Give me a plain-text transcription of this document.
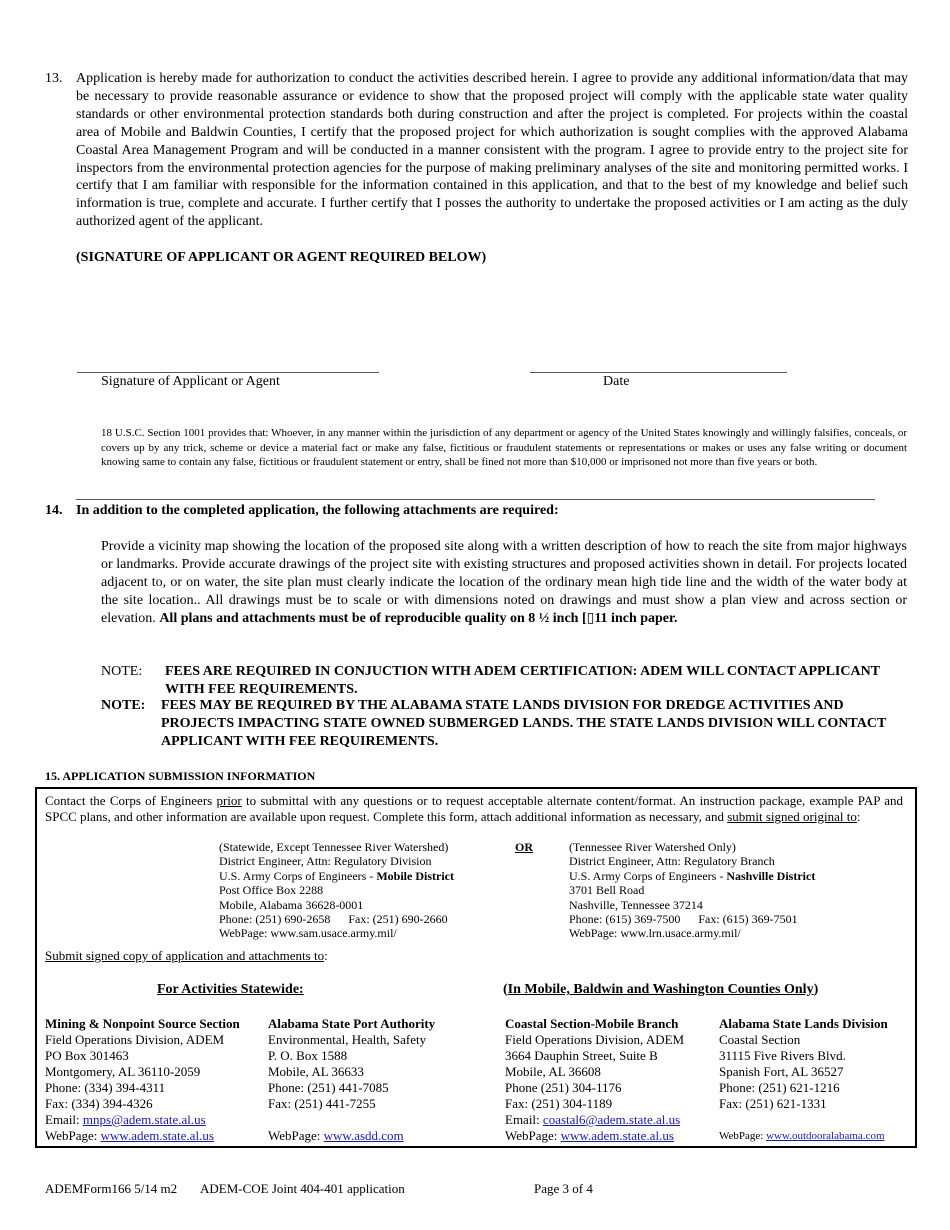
13. Application is hereby made for authorization to conduct the activities described herein. I agree to provide any additional information/data that may be necessary to provide reasonable assurance or evidence to show that the proposed project will comply with the applicable state water quality standards or other environmental protection standards both during construction and after the project is completed. For projects within the coastal area of Mobile and Baldwin Counties, I certify that the proposed project for which authorization is sought complies with the approved Alabama Coastal Area Management Program and will be conducted in a manner consistent with the program. I agree to provide entry to the project site for inspectors from the environmental protection agencies for the purpose of making preliminary analyses of the site and monitoring permitted works. I certify that I am familiar with responsible for the information contained in this application, and that to the best of my knowledge and belief such information is true, complete and accurate. I further certify that I posses the authority to undertake the proposed activities or I am acting as the duly authorized agent of the applicant.
(SIGNATURE OF APPLICANT OR AGENT REQUIRED BELOW)
Signature of Applicant or Agent	Date
18 U.S.C. Section 1001 provides that: Whoever, in any manner within the jurisdiction of any department or agency of the United States knowingly and willingly falsifies, conceals, or covers up by any trick, scheme or device a material fact or make any false, fictitious or fraudulent statements or representations or makes or uses any false writing or document knowing same to contain any false, fictitious or fraudulent statement or entry, shall be fined not more than $10,000 or imprisoned not more than five years or both.
14. In addition to the completed application, the following attachments are required:
Provide a vicinity map showing the location of the proposed site along with a written description of how to reach the site from major highways or landmarks. Provide accurate drawings of the project site with existing structures and proposed activities shown in detail. For projects located adjacent to, or on water, the site plan must clearly indicate the location of the ordinary mean high tide line and the width of the water body at the site location.. All drawings must be to scale or with dimensions noted on drawings and must show a plan view and across section or elevation. All plans and attachments must be of reproducible quality on 8 ½ inch [▯11 inch paper.
NOTE: FEES ARE REQUIRED IN CONJUCTION WITH ADEM CERTIFICATION: ADEM WILL CONTACT APPLICANT WITH FEE REQUIREMENTS.
NOTE: FEES MAY BE REQUIRED BY THE ALABAMA STATE LANDS DIVISION FOR DREDGE ACTIVITIES AND PROJECTS IMPACTING STATE OWNED SUBMERGED LANDS. THE STATE LANDS DIVISION WILL CONTACT APPLICANT WITH FEE REQUIREMENTS.
15. APPLICATION SUBMISSION INFORMATION
Contact the Corps of Engineers prior to submittal with any questions or to request acceptable alternate content/format. An instruction package, example PAP and SPCC plans, and other information are available upon request. Complete this form, attach additional information as necessary, and submit signed original to:
(Statewide, Except Tennessee River Watershed)
District Engineer, Attn: Regulatory Division
U.S. Army Corps of Engineers - Mobile District
Post Office Box 2288
Mobile, Alabama 36628-0001
Phone: (251) 690-2658 Fax: (251) 690-2660
WebPage: www.sam.usace.army.mil/
OR	(Tennessee River Watershed Only)
District Engineer, Attn: Regulatory Branch
U.S. Army Corps of Engineers - Nashville District
3701 Bell Road
Nashville, Tennessee 37214
Phone: (615) 369-7500 Fax: (615) 369-7501
WebPage: www.lrn.usace.army.mil/
Submit signed copy of application and attachments to:
For Activities Statewide:	(In Mobile, Baldwin and Washington Counties Only)
Mining & Nonpoint Source Section
Field Operations Division, ADEM
PO Box 301463
Montgomery, AL 36110-2059
Phone: (334) 394-4311
Fax: (334) 394-4326
Email: mnps@adem.state.al.us
WebPage: www.adem.state.al.us
Alabama State Port Authority
Environmental, Health, Safety
P. O. Box 1588
Mobile, AL 36633
Phone: (251) 441-7085
Fax: (251) 441-7255
WebPage: www.asdd.com
Coastal Section-Mobile Branch
Field Operations Division, ADEM
3664 Dauphin Street, Suite B
Mobile, AL 36608
Phone (251) 304-1176
Fax: (251) 304-1189
Email: coastal6@adem.state.al.us
WebPage: www.adem.state.al.us
Alabama State Lands Division
Coastal Section
31115 Five Rivers Blvd.
Spanish Fort, AL 36527
Phone: (251) 621-1216
Fax: (251) 621-1331
WebPage: www.outdooralabama.com
ADEMForm166 5/14 m2 ADEM-COE Joint 404-401 application	Page 3 of 4
